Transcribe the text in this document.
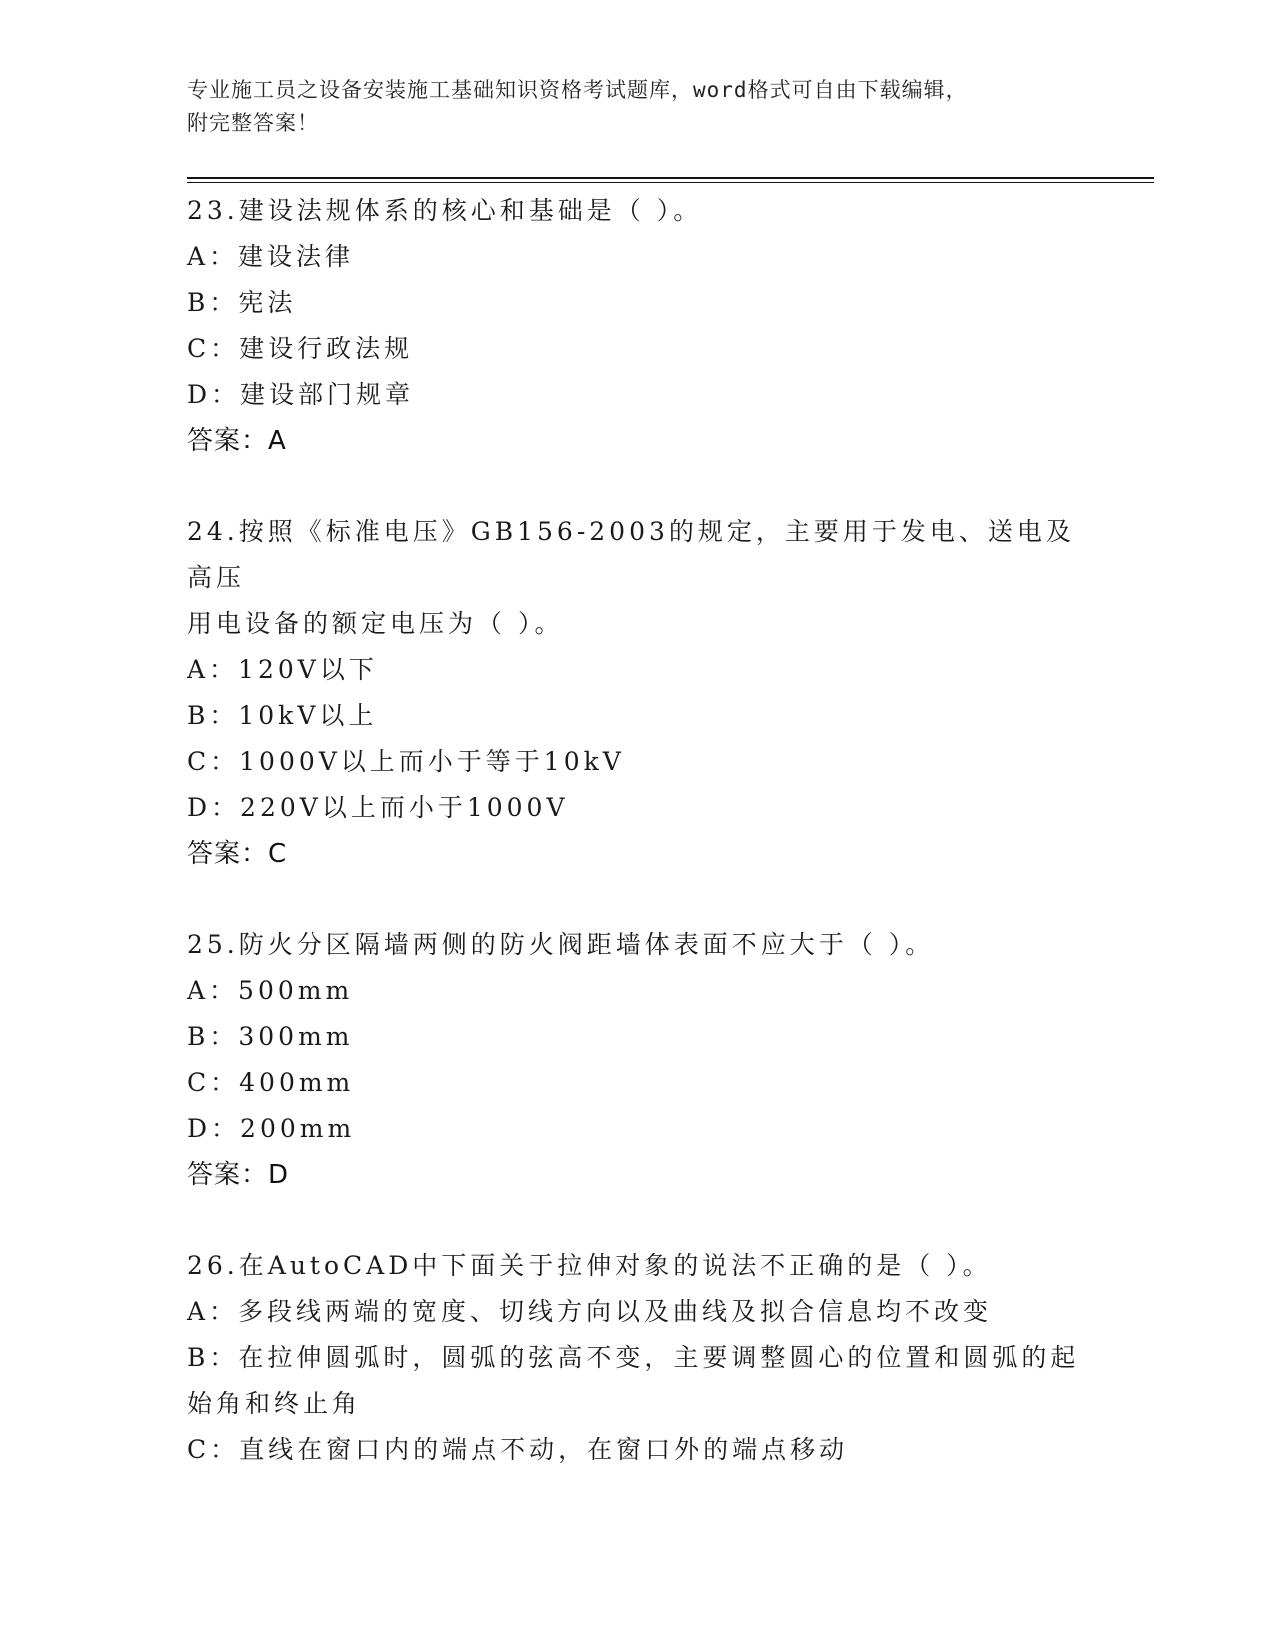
专业施工员之设备安装施工基础知识资格考试题库，word格式可自由下载编辑，
附完整答案！
23.建设法规体系的核心和基础是（ ）。
A：建设法律
B：宪法
C：建设行政法规
D：建设部门规章
答案：A
24.按照《标准电压》GB156-2003的规定，主要用于发电、送电及高压
用电设备的额定电压为（ ）。
A：120V以下
B：10kV以上
C：1000V以上而小于等于10kV
D：220V以上而小于1000V
答案：C
25.防火分区隔墙两侧的防火阀距墙体表面不应大于（ ）。
A：500mm
B：300mm
C：400mm
D：200mm
答案：D
26.在AutoCAD中下面关于拉伸对象的说法不正确的是（ ）。
A：多段线两端的宽度、切线方向以及曲线及拟合信息均不改变
B：在拉伸圆弧时，圆弧的弦高不变，主要调整圆心的位置和圆弧的起
始角和终止角
C：直线在窗口内的端点不动，在窗口外的端点移动
